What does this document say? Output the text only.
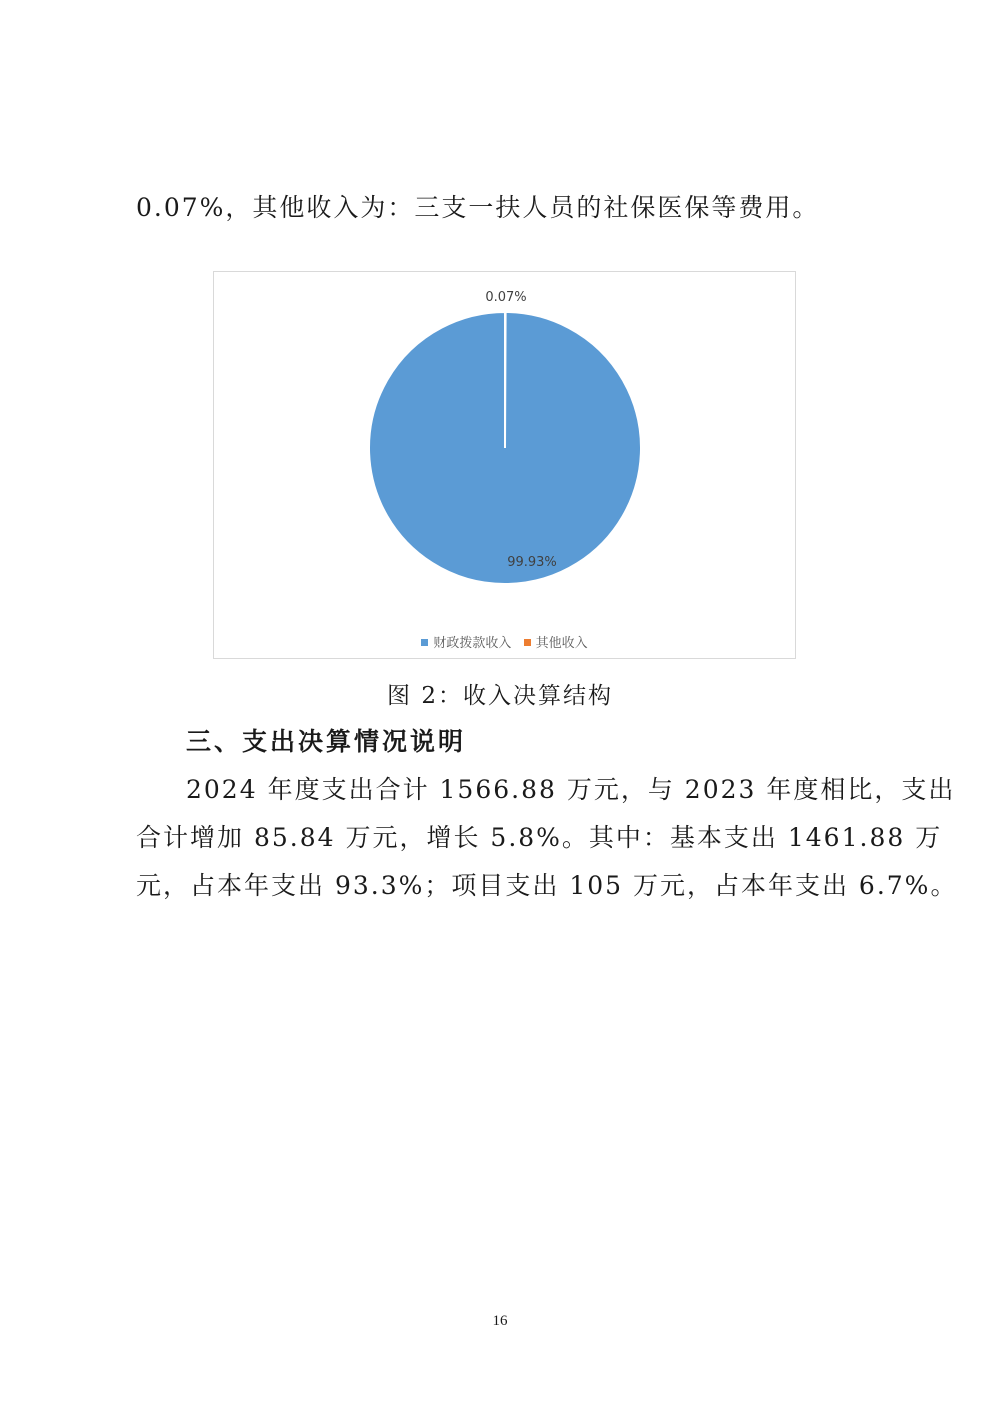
0.07%，其他收入为：三支一扶人员的社保医保等费用。

99.93%
0.07%
财政拨款收入 其他收入

图 2：收入决算结构

三、支出决算情况说明

2024 年度支出合计 1566.88 万元，与 2023 年度相比，支出

合计增加 85.84 万元，增长 5.8%。其中：基本支出 1461.88 万

元，占本年支出 93.3%；项目支出 105 万元，占本年支出 6.7%。

16
